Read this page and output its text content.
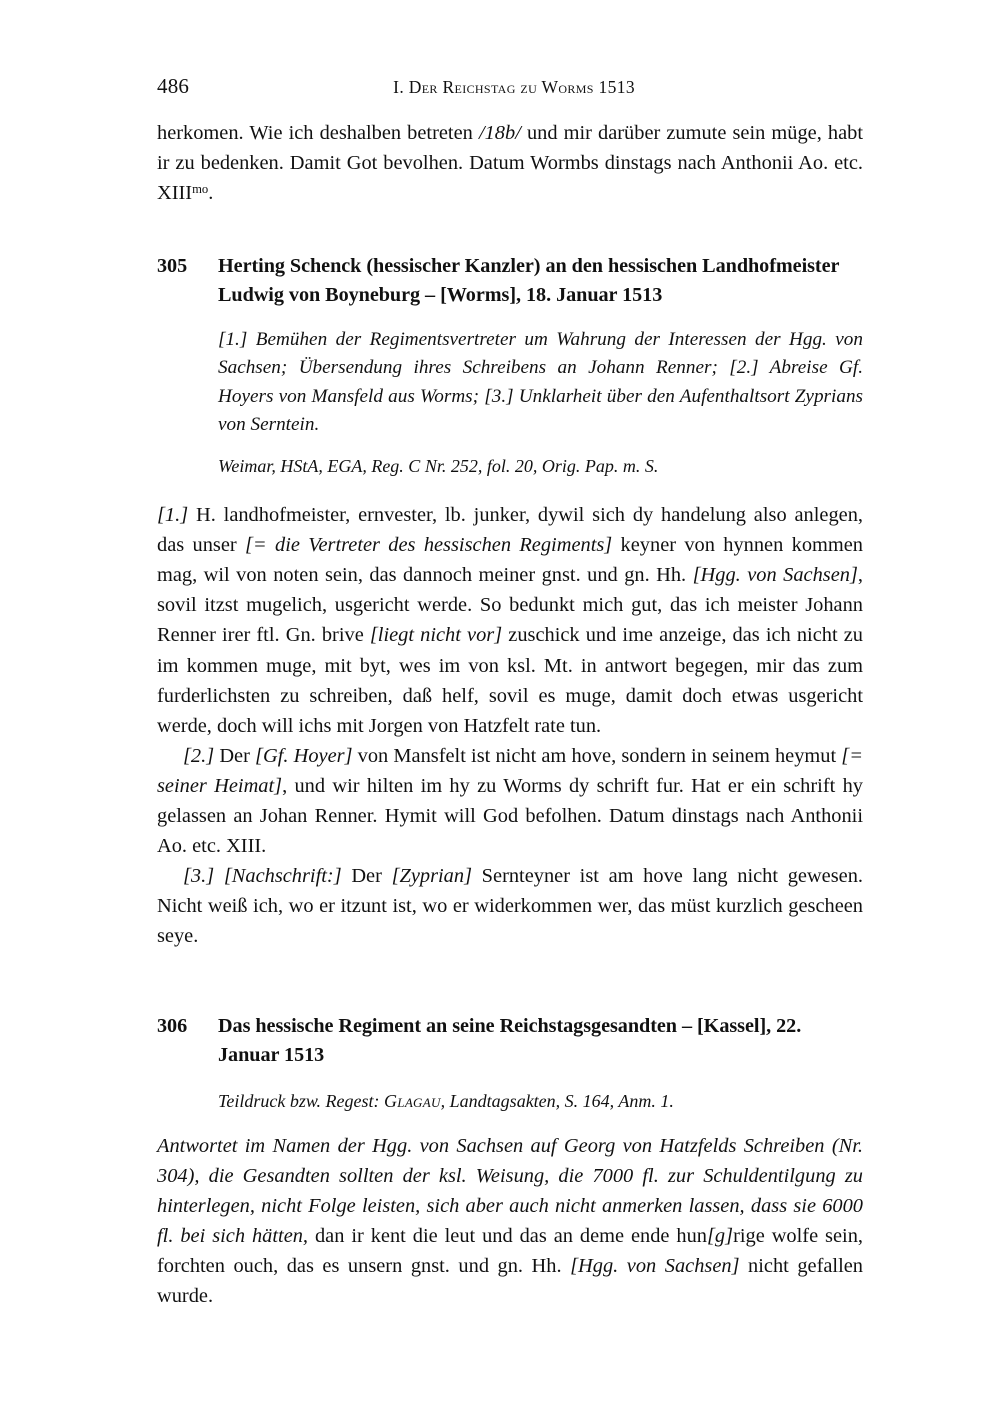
486	I. Der Reichstag zu Worms 1513

herkomen. Wie ich deshalben betreten /18b/ und mir darüber zumute sein müge, habt ir zu bedenken. Damit Got bevolhen. Datum Wormbs dinstags nach Anthonii Ao. etc. $XIII^{mo}$.

305 Herting Schenck (hessischer Kanzler) an den hessischen Landhofmeister Ludwig von Boyneburg – [Worms], 18. Januar 1513
[1.] Bemühen der Regimentsvertreter um Wahrung der Interessen der Hgg. von Sachsen; Übersendung ihres Schreibens an Johann Renner; [2.] Abreise Gf. Hoyers von Mansfeld aus Worms; [3.] Unklarheit über den Aufenthaltsort Zyprians von Serntein.
Weimar, HStA, EGA, Reg. C Nr. 252, fol. 20, Orig. Pap. m. S.

[1.] H. landhofmeister, ernvester, lb. junker, dywil sich dy handelung also anlegen, das unser [= die Vertreter des hessischen Regiments] keyner von hynnen kommen mag, wil von noten sein, das dannoch meiner gnst. und gn. Hh. [Hgg. von Sachsen], sovil itzst mugelich, usgericht werde. So bedunkt mich gut, das ich meister Johann Renner irer ftl. Gn. brive [liegt nicht vor] zuschick und ime anzeige, das ich nicht zu im kommen muge, mit byt, wes im von ksl. Mt. in antwort begegen, mir das zum furderlichsten zu schreiben, daß helf, sovil es muge, damit doch etwas usgericht werde, doch will ichs mit Jorgen von Hatzfelt rate tun.

[2.] Der [Gf. Hoyer] von Mansfelt ist nicht am hove, sondern in seinem heymut [= seiner Heimat], und wir hilten im hy zu Worms dy schrift fur. Hat er ein schrift hy gelassen an Johan Renner. Hymit will God befolhen. Datum dinstags nach Anthonii Ao. etc. XIII.

[3.] [Nachschrift:] Der [Zyprian] Sernteyner ist am hove lang nicht gewesen. Nicht weiß ich, wo er itzunt ist, wo er widerkommen wer, das müst kurzlich gescheen seye.

306 Das hessische Regiment an seine Reichstagsgesandten – [Kassel], 22. Januar 1513
Teildruck bzw. Regest: Glagau, Landtagsakten, S. 164, Anm. 1.

Antwortet im Namen der Hgg. von Sachsen auf Georg von Hatzfelds Schreiben (Nr. 304), die Gesandten sollten der ksl. Weisung, die 7000 fl. zur Schuldentilgung zu hinterlegen, nicht Folge leisten, sich aber auch nicht anmerken lassen, dass sie 6000 fl. bei sich hätten, dan ir kent die leut und das an deme ende hun[g]rige wolfe sein, forchten ouch, das es unsern gnst. und gn. Hh. [Hgg. von Sachsen] nicht gefallen wurde.
